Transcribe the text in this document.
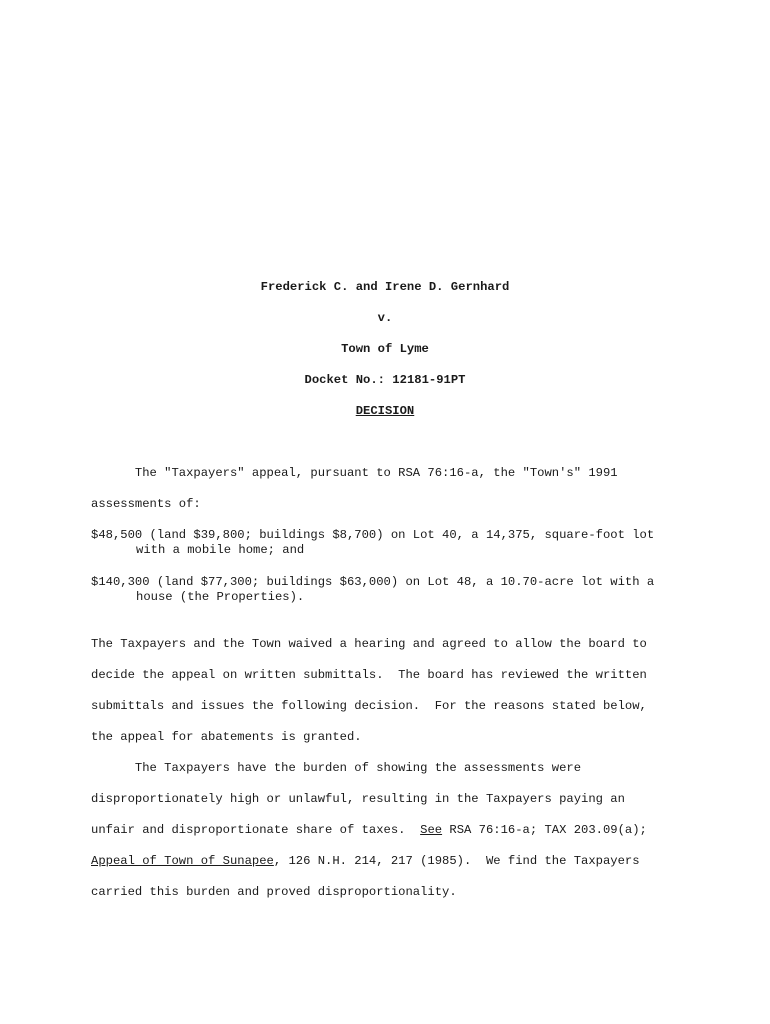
Frederick C. and Irene D. Gernhard
v.
Town of Lyme
Docket No.: 12181-91PT
DECISION
The "Taxpayers" appeal, pursuant to RSA 76:16-a, the "Town's" 1991
assessments of:
$48,500 (land $39,800; buildings $8,700) on Lot 40, a 14,375, square-foot lot
with a mobile home; and
$140,300 (land $77,300; buildings $63,000) on Lot 48, a 10.70-acre lot with a
house (the Properties).
The Taxpayers and the Town waived a hearing and agreed to allow the board to
decide the appeal on written submittals.  The board has reviewed the written
submittals and issues the following decision.  For the reasons stated below,
the appeal for abatements is granted.
The Taxpayers have the burden of showing the assessments were
disproportionately high or unlawful, resulting in the Taxpayers paying an
unfair and disproportionate share of taxes.  See RSA 76:16-a; TAX 203.09(a);
Appeal of Town of Sunapee, 126 N.H. 214, 217 (1985).  We find the Taxpayers
carried this burden and proved disproportionality.
